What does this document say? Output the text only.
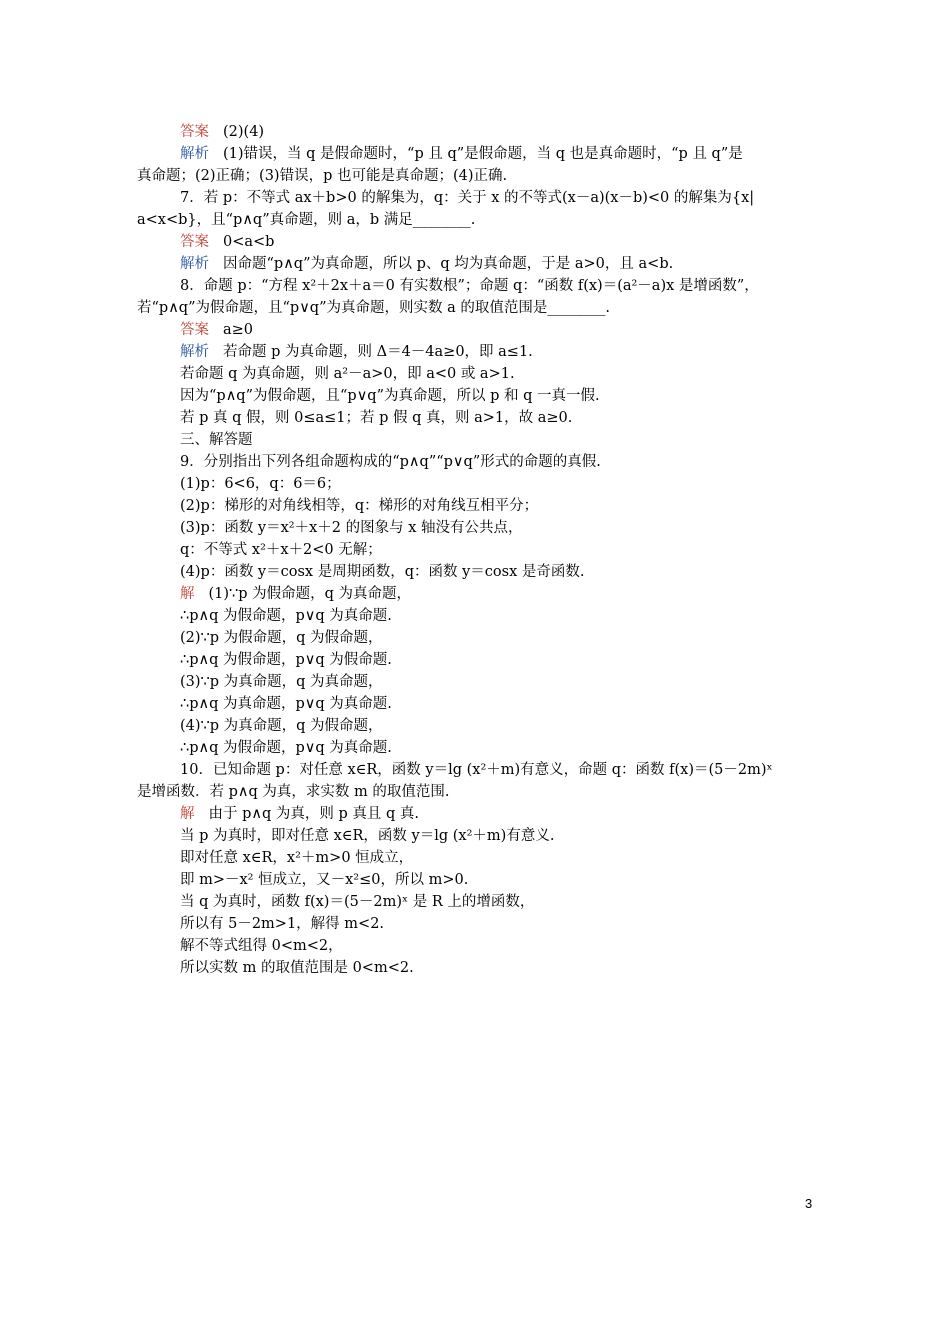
答案 (2)(4)
解析 (1)错误，当 q 是假命题时，“p 且 q”是假命题，当 q 也是真命题时，“p 且 q”是
真命题；(2)正确；(3)错误，p 也可能是真命题；(4)正确.
7．若 p：不等式 ax＋b>0 的解集为，q：关于 x 的不等式(x－a)(x－b)<0 的解集为{x|
a<x<b}，且“p∧q”真命题，则 a，b 满足________.
答案 0<a<b
解析 因命题“p∧q”为真命题，所以 p、q 均为真命题，于是 a>0，且 a<b.
8．命题 p：“方程 x²＋2x＋a＝0 有实数根”；命题 q：“函数 f(x)＝(a²－a)x 是增函数”，
若“p∧q”为假命题，且“p∨q”为真命题，则实数 a 的取值范围是________.
答案 a≥0
解析 若命题 p 为真命题，则 Δ＝4－4a≥0，即 a≤1.
若命题 q 为真命题，则 a²－a>0，即 a<0 或 a>1.
因为“p∧q”为假命题，且“p∨q”为真命题，所以 p 和 q 一真一假.
若 p 真 q 假，则 0≤a≤1；若 p 假 q 真，则 a>1，故 a≥0.
三、解答题
9．分别指出下列各组命题构成的“p∧q”“p∨q”形式的命题的真假.
(1)p：6<6，q：6＝6；
(2)p：梯形的对角线相等，q：梯形的对角线互相平分；
(3)p：函数 y＝x²＋x＋2 的图象与 x 轴没有公共点，
q：不等式 x²＋x＋2<0 无解；
(4)p：函数 y＝cosx 是周期函数，q：函数 y＝cosx 是奇函数.
解 (1)∵p 为假命题，q 为真命题，
∴p∧q 为假命题，p∨q 为真命题.
(2)∵p 为假命题，q 为假命题，
∴p∧q 为假命题，p∨q 为假命题.
(3)∵p 为真命题，q 为真命题，
∴p∧q 为真命题，p∨q 为真命题.
(4)∵p 为真命题，q 为假命题，
∴p∧q 为假命题，p∨q 为真命题.
10．已知命题 p：对任意 x∈R，函数 y＝lg (x²＋m)有意义，命题 q：函数 f(x)＝(5－2m)ˣ
是增函数．若 p∧q 为真，求实数 m 的取值范围.
解 由于 p∧q 为真，则 p 真且 q 真.
当 p 为真时，即对任意 x∈R，函数 y＝lg (x²＋m)有意义.
即对任意 x∈R，x²＋m>0 恒成立，
即 m>－x² 恒成立，又－x²≤0，所以 m>0.
当 q 为真时，函数 f(x)＝(5－2m)ˣ 是 R 上的增函数，
所以有 5－2m>1，解得 m<2.
解不等式组得 0<m<2，
所以实数 m 的取值范围是 0<m<2.
3
